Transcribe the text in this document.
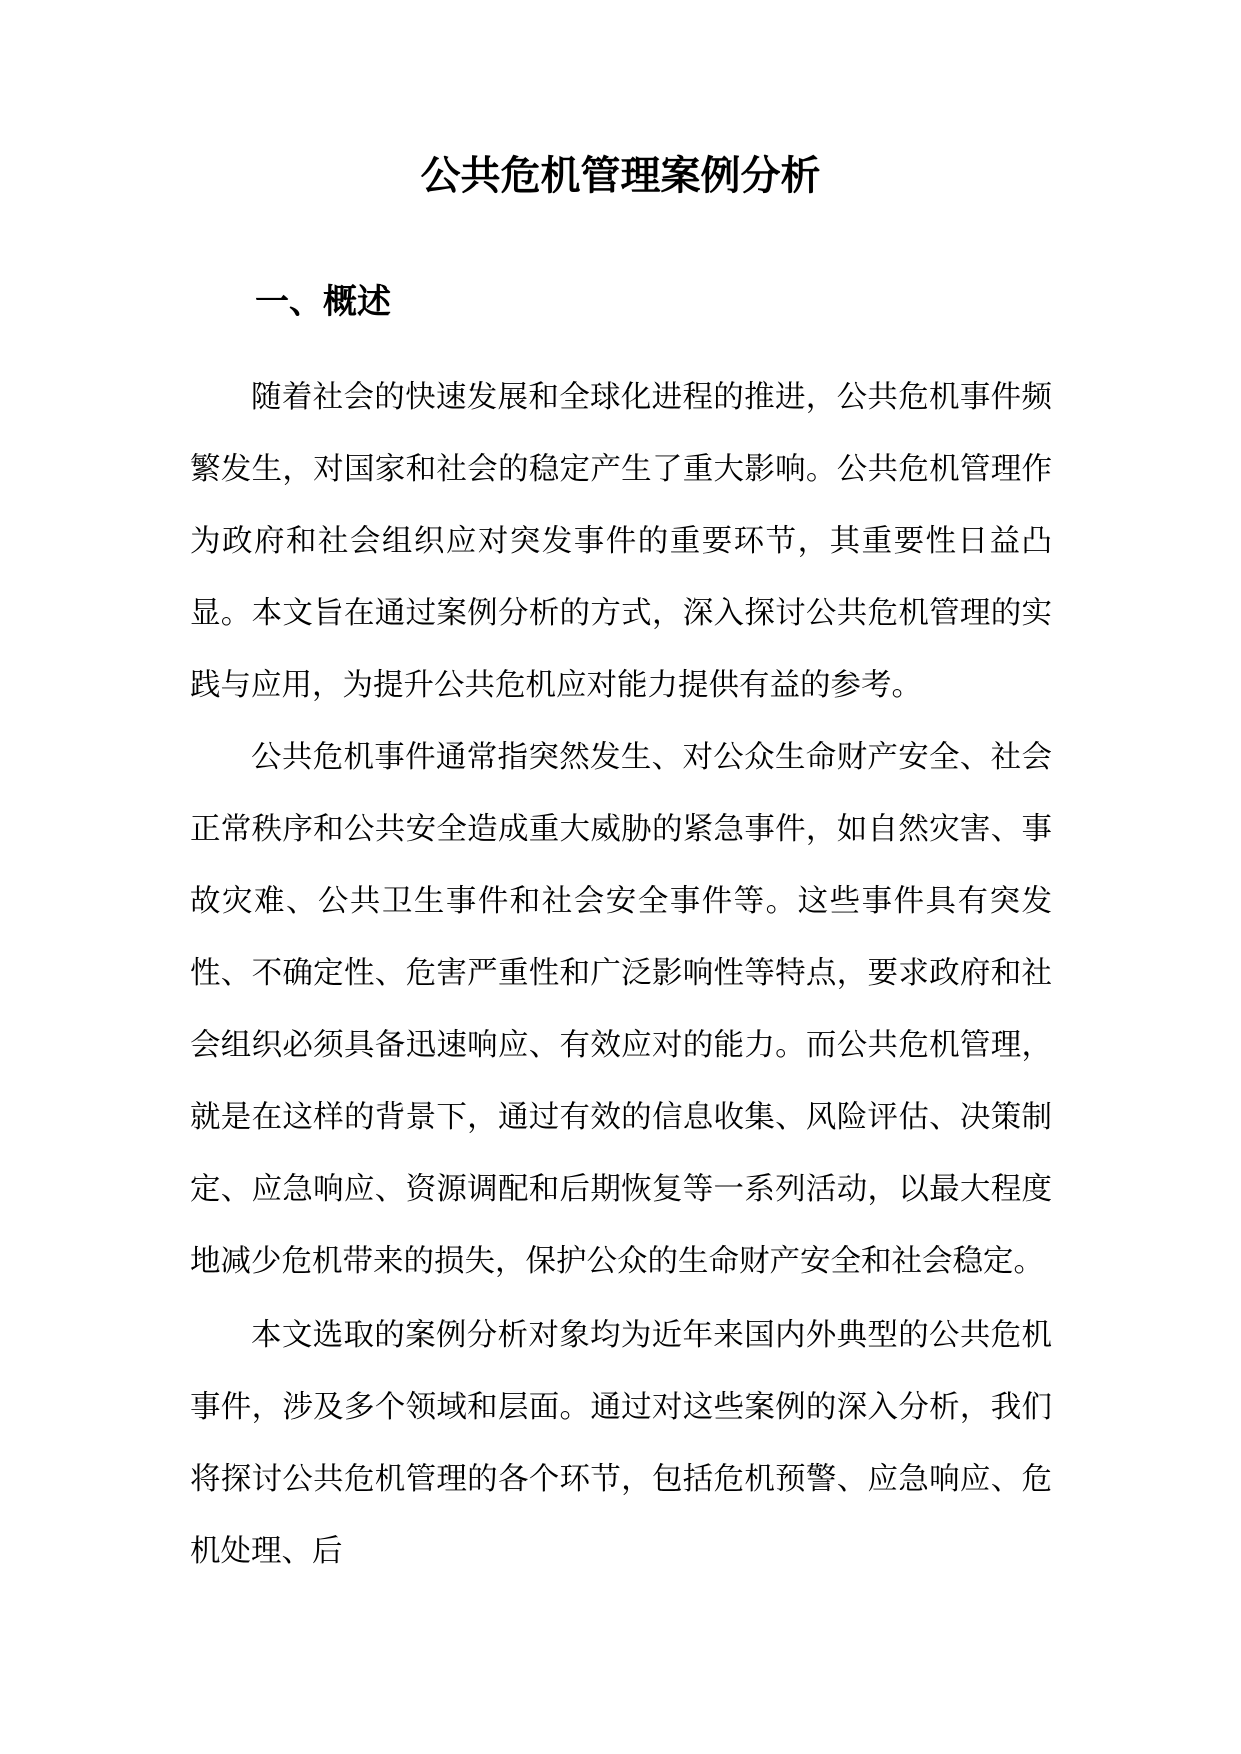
公共危机管理案例分析
一、概述

随着社会的快速发展和全球化进程的推进，公共危机事件频繁发生，对国家和社会的稳定产生了重大影响。公共危机管理作为政府和社会组织应对突发事件的重要环节，其重要性日益凸显。本文旨在通过案例分析的方式，深入探讨公共危机管理的实践与应用，为提升公共危机应对能力提供有益的参考。

公共危机事件通常指突然发生、对公众生命财产安全、社会正常秩序和公共安全造成重大威胁的紧急事件，如自然灾害、事故灾难、公共卫生事件和社会安全事件等。这些事件具有突发性、不确定性、危害严重性和广泛影响性等特点，要求政府和社会组织必须具备迅速响应、有效应对的能力。而公共危机管理，就是在这样的背景下，通过有效的信息收集、风险评估、决策制定、应急响应、资源调配和后期恢复等一系列活动，以最大程度地减少危机带来的损失，保护公众的生命财产安全和社会稳定。

本文选取的案例分析对象均为近年来国内外典型的公共危机事件，涉及多个领域和层面。通过对这些案例的深入分析，我们将探讨公共危机管理的各个环节，包括危机预警、应急响应、危机处理、后
